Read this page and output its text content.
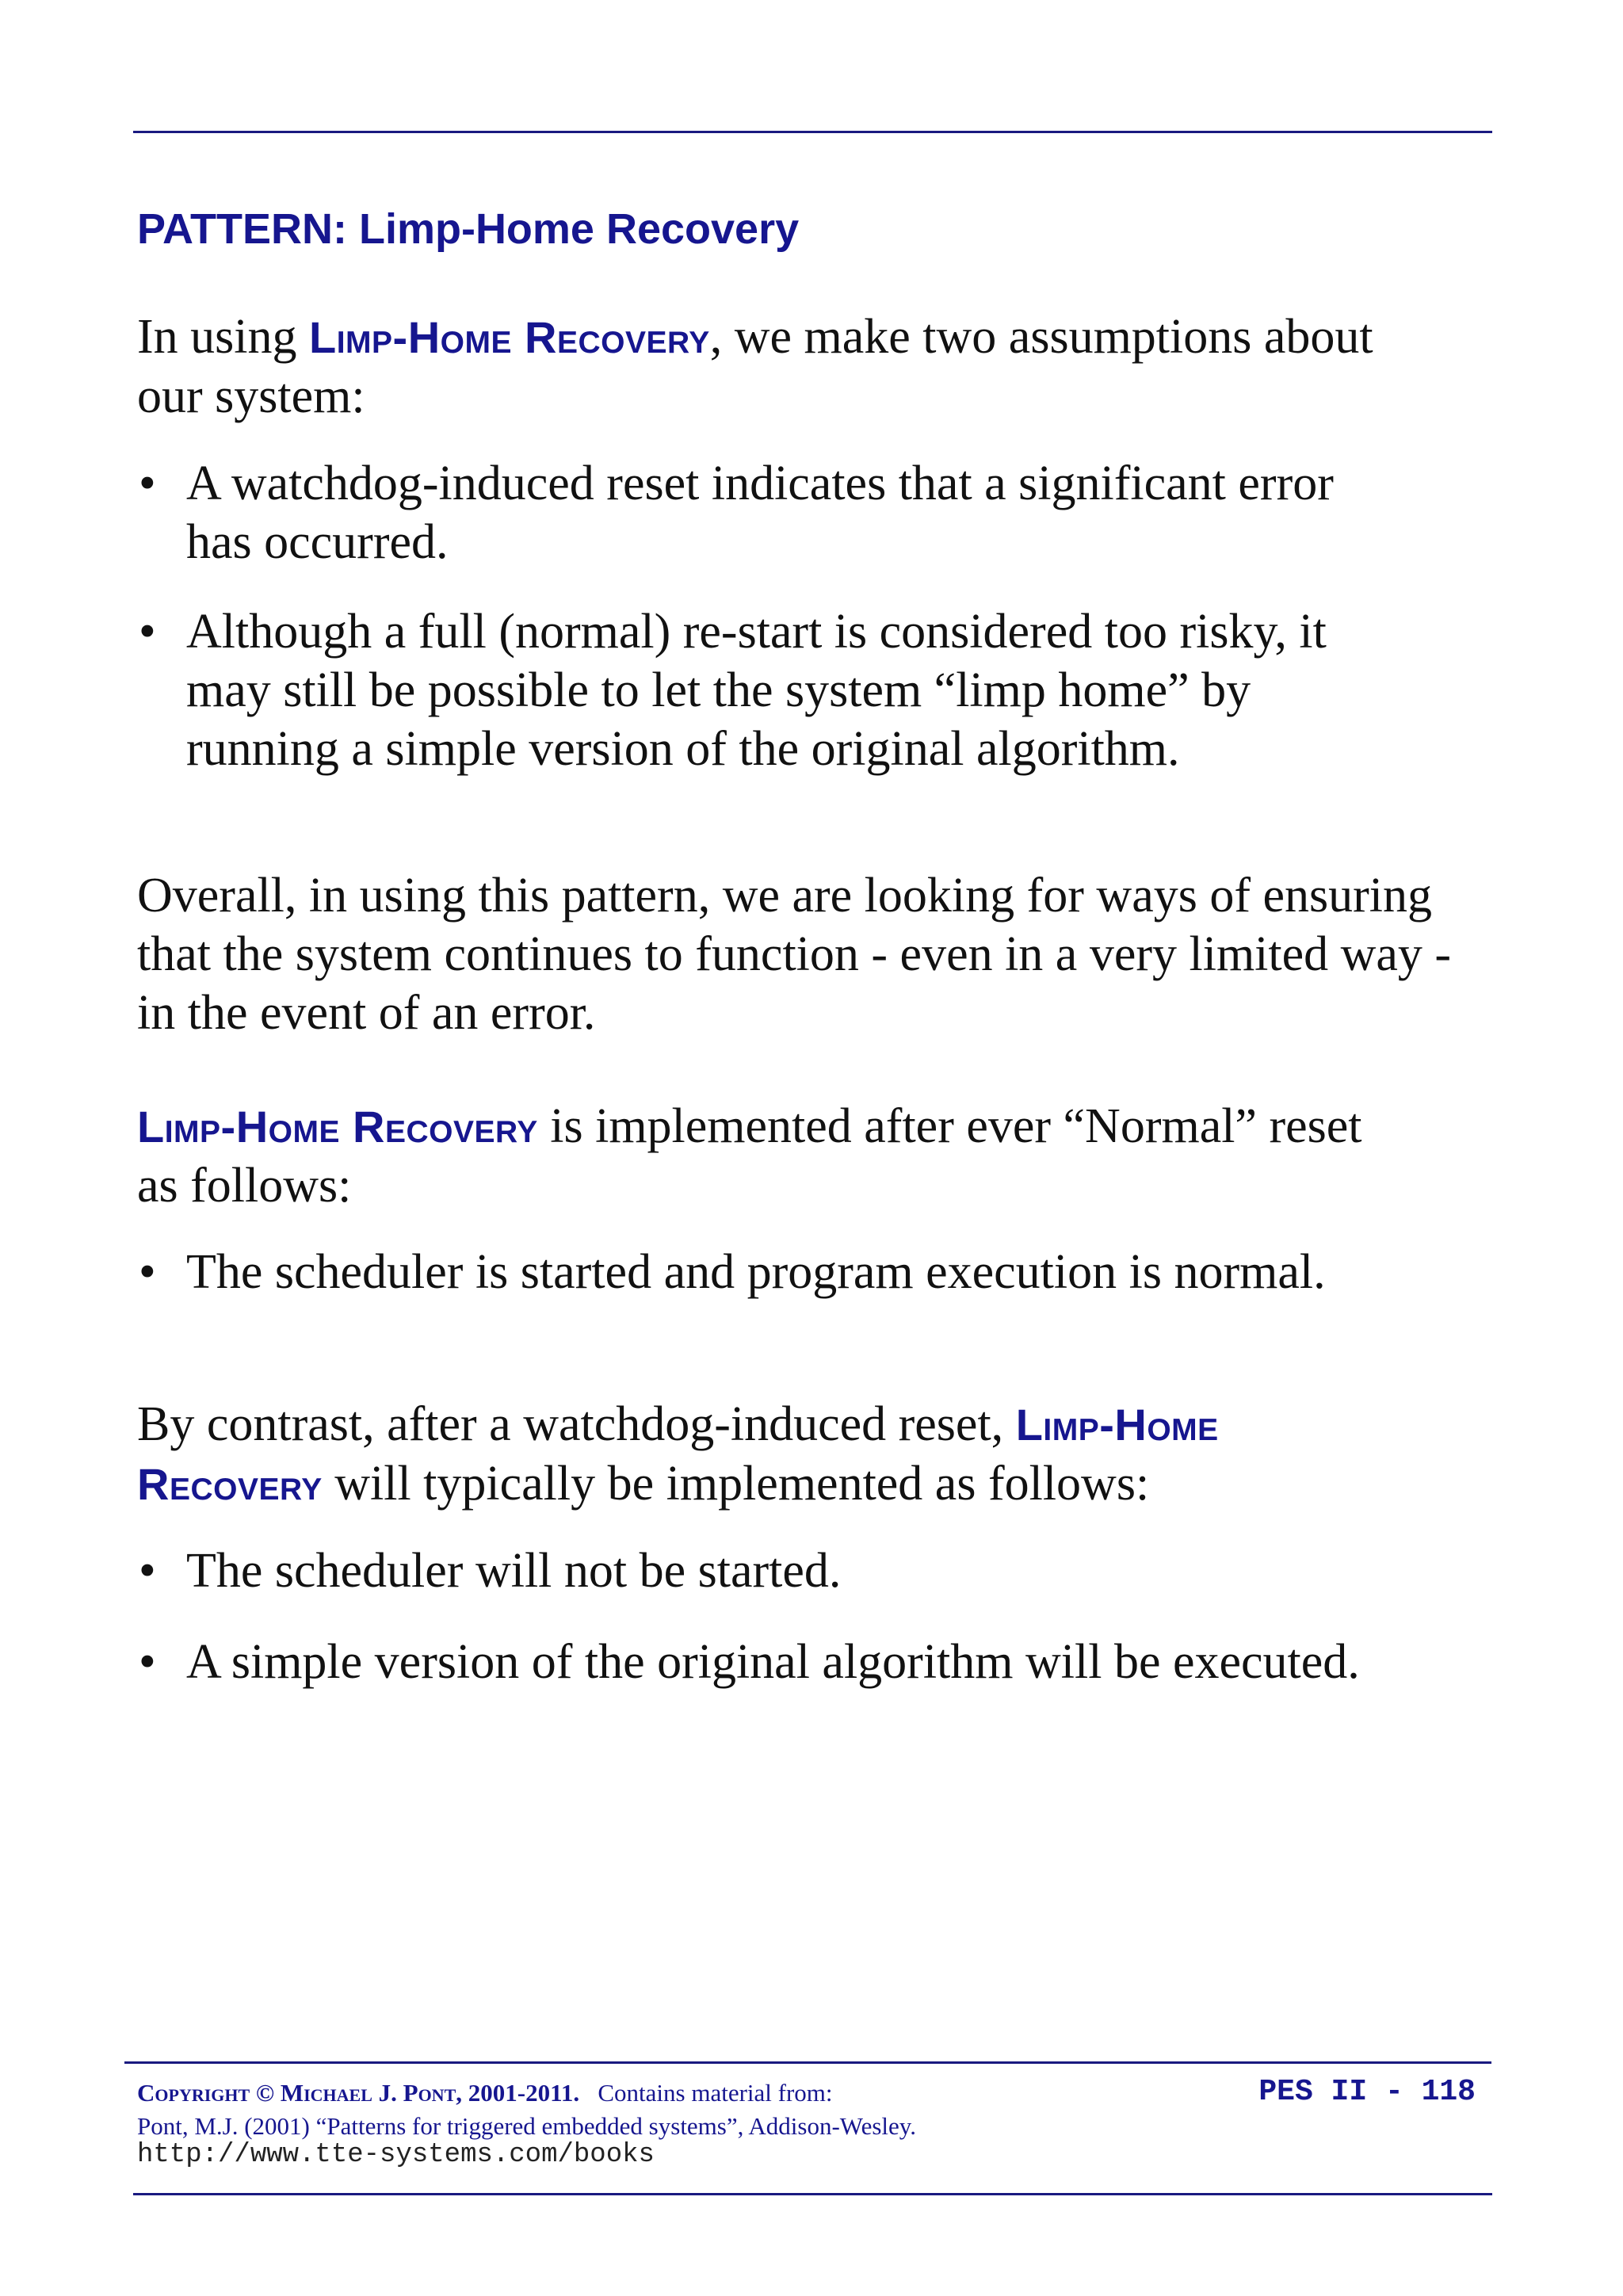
PATTERN: Limp-Home Recovery

In using Limp-Home Recovery, we make two assumptions about
our system:

• A watchdog-induced reset indicates that a significant error
has occurred.
• Although a full (normal) re-start is considered too risky, it
may still be possible to let the system “limp home” by
running a simple version of the original algorithm.

Overall, in using this pattern, we are looking for ways of ensuring
that the system continues to function - even in a very limited way -
in the event of an error.

Limp-Home Recovery is implemented after ever “Normal” reset
as follows:

• The scheduler is started and program execution is normal.

By contrast, after a watchdog-induced reset, Limp-Home
Recovery will typically be implemented as follows:

• The scheduler will not be started.
• A simple version of the original algorithm will be executed.

Copyright © Michael J. Pont, 2001-2011. Contains material from:
Pont, M.J. (2001) “Patterns for triggered embedded systems”, Addison-Wesley.

http://www.tte-systems.com/books

PES II - 118
